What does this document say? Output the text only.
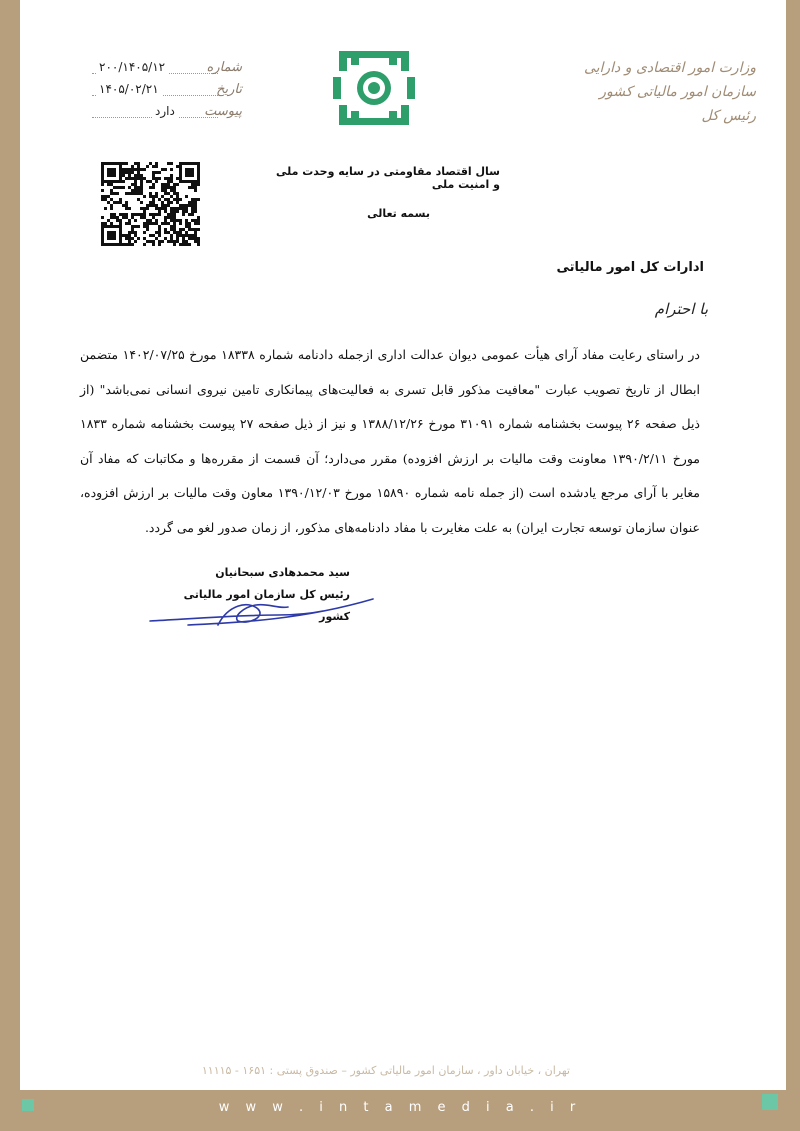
وزارت امور اقتصادی و دارایی
سازمان امور مالیاتی کشور
رئیس کل
شماره
۲۰۰/۱۴۰۵/۱۲
تاریخ
۱۴۰۵/۰۲/۲۱
پیوست
دارد
سال اقتصاد مقاومتی در سایه وحدت ملی و امنیت ملی
بسمه تعالی
ادارات کل امور مالیاتی
با احترام

در راستای رعایت مفاد آرای هیأت عمومی دیوان عدالت اداری ازجمله دادنامه شماره ۱۸۳۳۸ مورخ ۱۴۰۲/۰۷/۲۵ متضمن ابطال از تاریخ تصویب عبارت "معافیت مذکور قابل تسری به فعالیت‌های پیمانکاری تامین نیروی انسانی نمی‌باشد" (از ذیل صفحه ۲۶ پیوست بخشنامه شماره ۳۱۰۹۱ مورخ ۱۳۸۸/۱۲/۲۶ و نیز از ذیل صفحه ۲۷ پیوست بخشنامه شماره ۱۸۳۳ مورخ ۱۳۹۰/۲/۱۱ معاونت وقت مالیات بر ارزش افزوده) مقرر می‌دارد؛ آن قسمت از مقرره‌ها و مکاتبات که مفاد آن مغایر با آرای مرجع یادشده است (از جمله نامه شماره ۱۵۸۹۰ مورخ ۱۳۹۰/۱۲/۰۳ معاون وقت مالیات بر ارزش افزوده، عنوان سازمان توسعه تجارت ایران) به علت مغایرت با مفاد دادنامه‌های مذکور، از زمان صدور لغو می گردد.

سید محمدهادی سبحانیان
رئیس کل سازمان امور مالیاتی کشور
تهران ، خیابان داور ، سازمان امور مالیاتی کشور – صندوق پستی : ۱۶۵۱ - ۱۱۱۱۵
w w w . i n t a m e d i a . i r
